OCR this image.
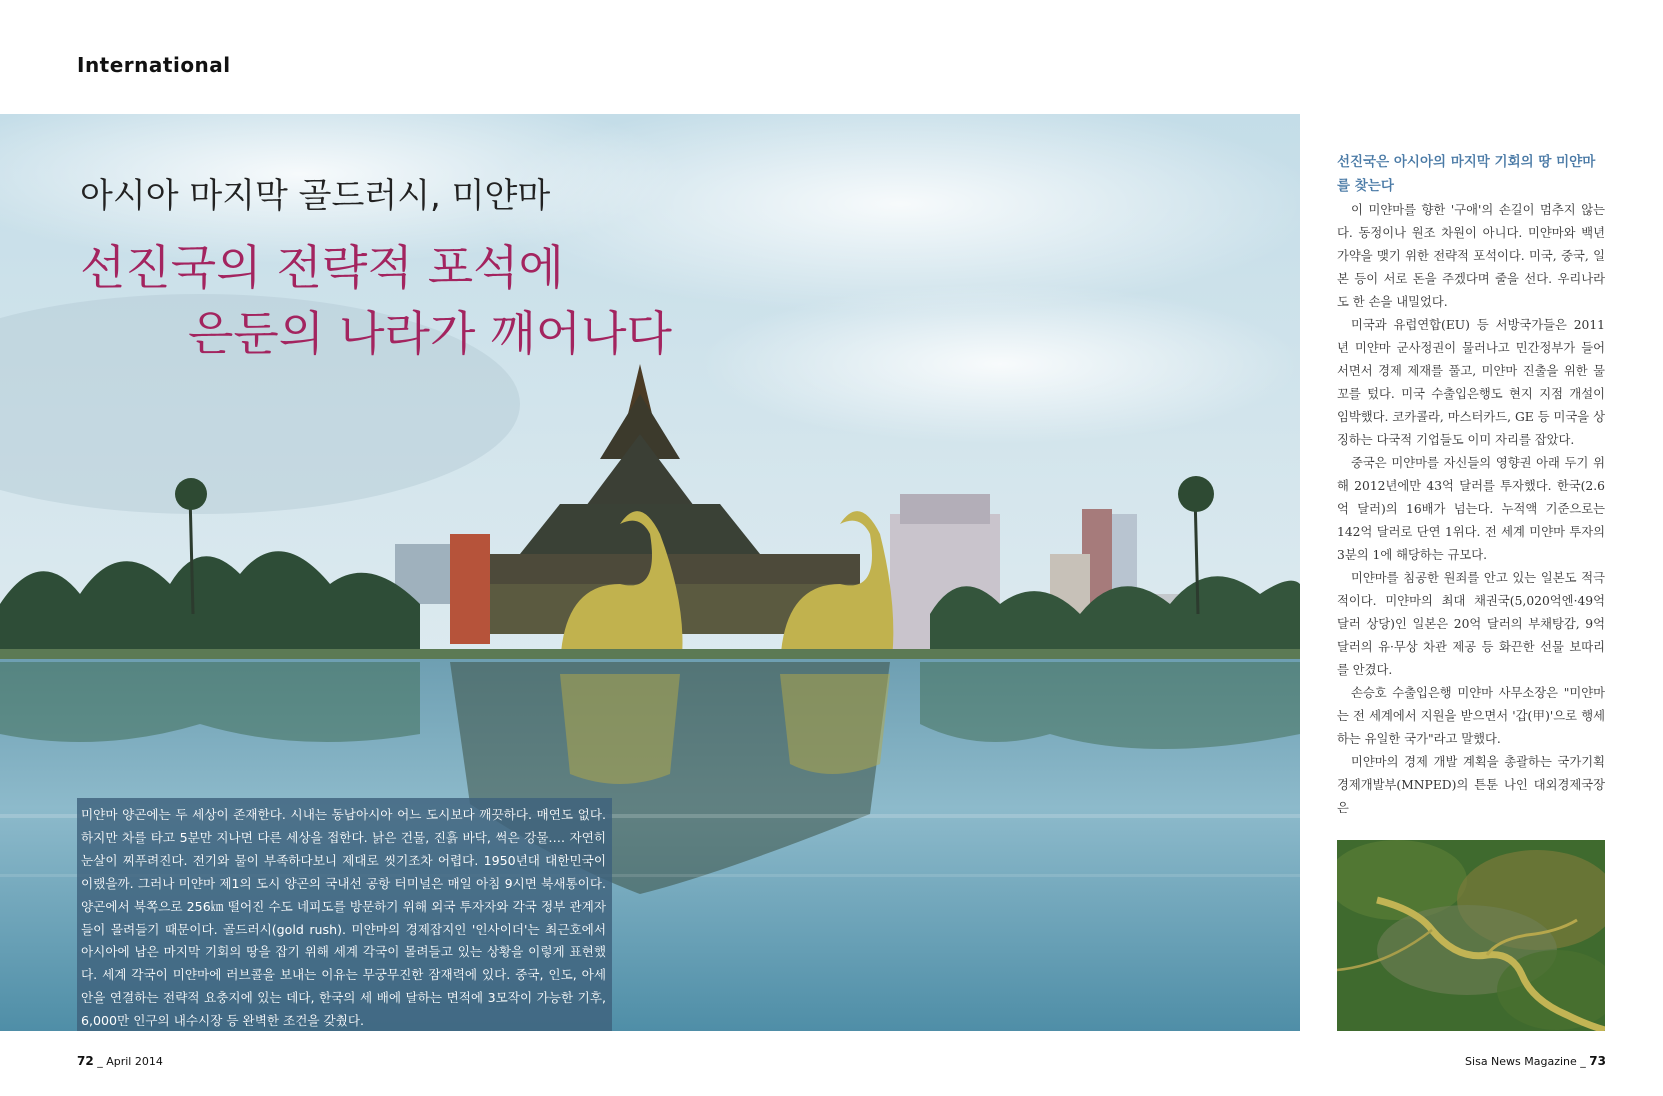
International
아시아 마지막 골드러시, 미얀마
선진국의 전략적 포석에
은둔의 나라가 깨어나다
미얀마 양곤에는 두 세상이 존재한다. 시내는 동남아시아 어느 도시보다 깨끗하다. 매연도 없다. 하지만 차를 타고 5분만 지나면 다른 세상을 접한다. 낡은 건물, 진흙 바닥, 썩은 강물…. 자연히 눈살이 찌푸려진다. 전기와 물이 부족하다보니 제대로 씻기조차 어렵다. 1950년대 대한민국이 이랬을까. 그러나 미얀마 제1의 도시 양곤의 국내선 공항 터미널은 매일 아침 9시면 북새통이다. 양곤에서 북쪽으로 256㎞ 떨어진 수도 네피도를 방문하기 위해 외국 투자자와 각국 정부 관계자들이 몰려들기 때문이다. 골드러시(gold rush). 미얀마의 경제잡지인 '인사이더'는 최근호에서 아시아에 남은 마지막 기회의 땅을 잡기 위해 세계 각국이 몰려들고 있는 상황을 이렇게 표현했다. 세계 각국이 미얀마에 러브콜을 보내는 이유는 무궁무진한 잠재력에 있다. 중국, 인도, 아세안을 연결하는 전략적 요충지에 있는 데다, 한국의 세 배에 달하는 면적에 3모작이 가능한 기후, 6,000만 인구의 내수시장 등 완벽한 조건을 갖췄다.
선진국은 아시아의 마지막 기회의 땅 미얀마를 찾는다

이 미얀마를 향한 '구애'의 손길이 멈추지 않는다. 동정이나 원조 차원이 아니다. 미얀마와 백년가약을 맺기 위한 전략적 포석이다. 미국, 중국, 일본 등이 서로 돈을 주겠다며 줄을 선다. 우리나라도 한 손을 내밀었다.

미국과 유럽연합(EU) 등 서방국가들은 2011년 미얀마 군사정권이 물러나고 민간정부가 들어서면서 경제 제재를 풀고, 미얀마 진출을 위한 물꼬를 텄다. 미국 수출입은행도 현지 지점 개설이 임박했다. 코카콜라, 마스터카드, GE 등 미국을 상징하는 다국적 기업들도 이미 자리를 잡았다.

중국은 미얀마를 자신들의 영향권 아래 두기 위해 2012년에만 43억 달러를 투자했다. 한국(2.6억 달러)의 16배가 넘는다. 누적액 기준으로는 142억 달러로 단연 1위다. 전 세계 미얀마 투자의 3분의 1에 해당하는 규모다.

미얀마를 침공한 원죄를 안고 있는 일본도 적극적이다. 미얀마의 최대 채권국(5,020억엔·49억 달러 상당)인 일본은 20억 달러의 부채탕감, 9억 달러의 유·무상 차관 제공 등 화끈한 선물 보따리를 안겼다.

손승호 수출입은행 미얀마 사무소장은 "미얀마는 전 세계에서 지원을 받으면서 '갑(甲)'으로 행세하는 유일한 국가"라고 말했다.

미얀마의 경제 개발 계획을 총괄하는 국가기획경제개발부(MNPED)의 튼툰 나인 대외경제국장은

72 _ April 2014	Sisa News Magazine _ 73
